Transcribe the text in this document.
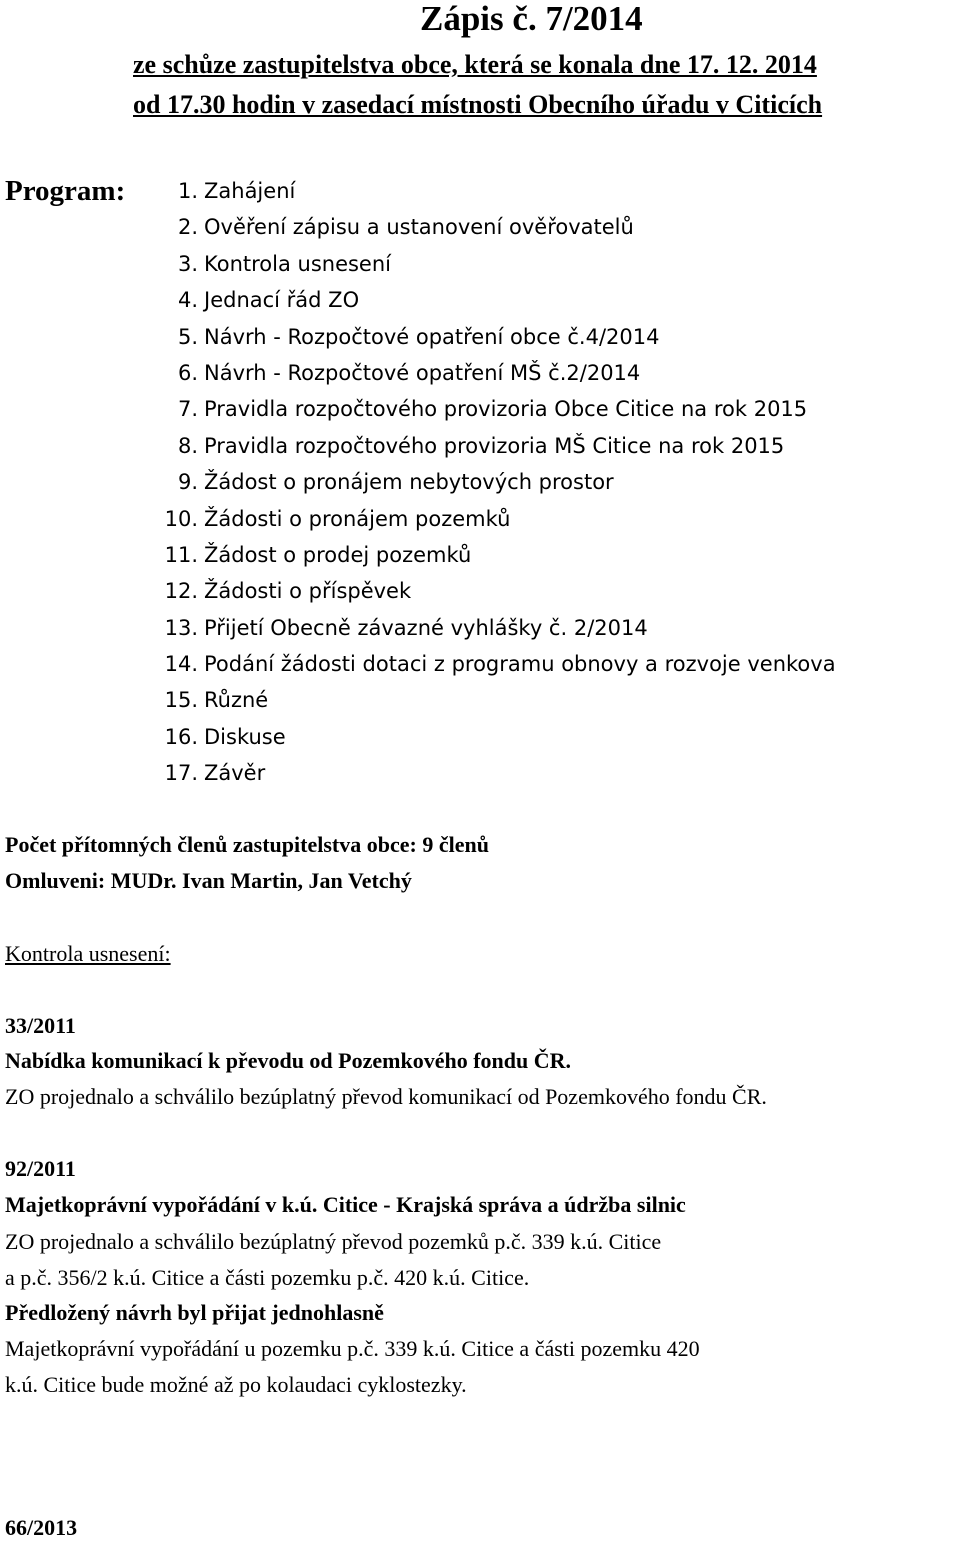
Zápis č. 7/2014
ze schůze zastupitelstva obce, která se konala dne 17. 12. 2014
od 17.30 hodin v zasedací místnosti Obecního úřadu v Citicích
Program:	1. Zahájení
2. Ověření zápisu a ustanovení ověřovatelů
3. Kontrola usnesení
4. Jednací řád ZO
5. Návrh - Rozpočtové opatření obce č.4/2014
6. Návrh - Rozpočtové opatření MŠ č.2/2014
7. Pravidla rozpočtového provizoria Obce Citice na rok 2015
8. Pravidla rozpočtového provizoria MŠ Citice na rok 2015
9. Žádost o pronájem nebytových prostor
10. Žádosti o pronájem pozemků
11. Žádost o prodej pozemků
12. Žádosti o příspěvek
13. Přijetí Obecně závazné vyhlášky č. 2/2014
14. Podání žádosti dotaci z programu obnovy a rozvoje venkova
15. Různé
16. Diskuse
17. Závěr
Počet přítomných členů zastupitelstva obce: 9 členů
Omluveni: MUDr. Ivan Martin, Jan Vetchý
Kontrola usnesení:
33/2011
Nabídka komunikací k převodu od Pozemkového fondu ČR.
ZO projednalo a schválilo bezúplatný převod komunikací od Pozemkového fondu ČR.
92/2011
Majetkoprávní vypořádání v k.ú. Citice - Krajská správa a údržba silnic
ZO projednalo a schválilo bezúplatný převod pozemků p.č. 339 k.ú. Citice
a p.č. 356/2 k.ú. Citice a části pozemku p.č. 420 k.ú. Citice.
Předložený návrh byl přijat jednohlasně
Majetkoprávní vypořádání u pozemku p.č. 339 k.ú. Citice a části pozemku 420
k.ú. Citice bude možné až po kolaudaci cyklostezky.
66/2013
